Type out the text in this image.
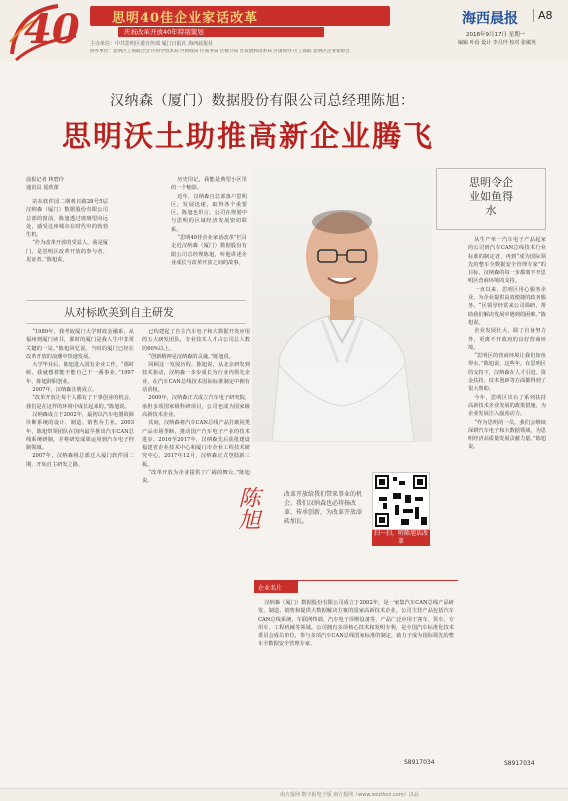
40 思明40佳企业家话改革
庆祝改革开放40年特别策划
主办单位：中共思明区委宣传部 厦门日报社 海西晨报社
协办单位：思明区工商联合会 区科学技术局 区财政局 区商务局 区统计局 区发展和改革局 区国资办 区工商联 思明区企业家协会
海西晨报	A8
2018年9月17日 星期一
编辑 叶蓓 设计 李月玲 校对 张敏英
汉纳森（厦门）数据股份有限公司总经理陈旭：
思明沃土助推高新企业腾飞

晨报记者 林碧玲

通讯员 夏欣蕾

站在软件园二期观日路28号5层汉纳森（厦门）数据股份有限公司总部的窗前，陈旭透过玻璃望向远处，感受这座城市在时代中的勃勃生机。

“作为改革开放的受益人，我是厦门、是思明区改革开放的参与者、见证者。”陈旭说。

历史印记，我能是典型小区里的一个缩影。

近年，汉纳森自总部落户思明区，发展迅速，取得各个重要区，陈旭也坦言，公司在规划中与思明的区域经济发展密切联系。

“思明40佳企业家话改革”栏目走近汉纳森（厦门）数据股份有限公司总经理陈旭，听他讲述企业成长与改革开放之间的故事。

从对标欧美到自主研发

“1989年，我考取厦门大学财政金融系，从福州到厦门读书，那时的厦门是我人生中非常关键的一站。”陈旭回忆说，当时的厦门已经在改革开放的浪潮中快速发展。

大学毕业后，陈旭进入国有企业工作。“那时候，我就想着能不能自己干一番事业。”1997年，陈旭辞职创业。

2007年，汉纳森注册成立。

“改革开放让每个人都有了干事创业的机会，我们是在这样的环境中成长起来的。”陈旭说。

汉纳森成立于2002年，最初以汽车电器故障诊断系统的设计、制造、销售为主业。2003年，陈旭带领团队在国内最早推出汽车CAN总线系统研制，并将研发成果运用到汽车电子控制领域。

2007年，汉纳森将总部迁入厦门软件园二期，开始自主研发之路。

已构建起了自主汽车电子和大数据开发应用的五大研发团队，专业技术人才占公司总人数的60%以上。

“创新精神是汉纳森的灵魂。”陈旭说。

回顾这一发展历程，陈旭说，从北京研发到技术驱动，汉纳森一步步成长为行业内领先企业，在汽车CAN总线技术国际标准制定中拥有话语权。

2009年，汉纳森正式成立汽车电子研究院，承担多项国家级科研项目，公司也成为国家级高新技术企业。

其间，汉纳森将汽车CAN总线产品打破同类产品市场垄断，推动国产汽车电子产业的技术进步。2016至2017年，汉纳森先后获批建设福建省企业技术中心和厦门市企业工程技术研究中心，2017年12月，汉纳森正式登陆新三板。

“改革开放为企业提供了广阔的舞台。”陈旭说。

陈旭	改革开放给我们带来事业的机会。我们汉纳森也必将扬改革、传承创新，为改革开放添砖加瓦。
扫一扫，听陈旭话改革
思明令企业如鱼得水

从生产单一汽车电子产品起家的公司到汽车CAN总线技术行业标准的制定者，再到“成为国际领先的整车全数据安全管理专家”的目标，汉纳森的每一步都离不开思明区营商环境的支持。

一直以来，思明区用心服务企业，为企业提供高效便捷的政务服务。“区领导经常来公司调研，帮助我们解决发展中遇到的困难。”陈旭说。

企业发展壮大，除了自身努力外，更离不开政府的良好营商环境。

“思明区的营商环境让我们如鱼得水。”陈旭说，这些年，在思明区的支持下，汉纳森在人才引进、资金扶持、技术创新等方面都得到了很大帮助。

今年，思明区出台了系列扶持高新技术企业发展的政策措施，为企业发展注入强劲动力。

“作为思明的一员，我们会继续深耕汽车电子和大数据领域，为思明经济高质量发展贡献力量。”陈旭说。

S8917034
企业名片
汉纳森（厦门）数据股份有限公司成立于2002年，是一家集汽车CAN总线产品研发、制造、销售和提供大数据解决方案的国家高新技术企业。公司主营产品包括汽车CAN总线系统、车联网终端、汽车电子诊断设备等，产品广泛应用于客车、货车、专用车、工程机械等领域。公司拥有多项核心技术和发明专利，是全国汽车标准化技术委员会成员单位，参与多项汽车CAN总线国家标准的制定，致力于成为国际领先的整车全数据安全管理专家。
S8917034
南方报网 数字报电子版 南方报网（www.southcn.com）出品
